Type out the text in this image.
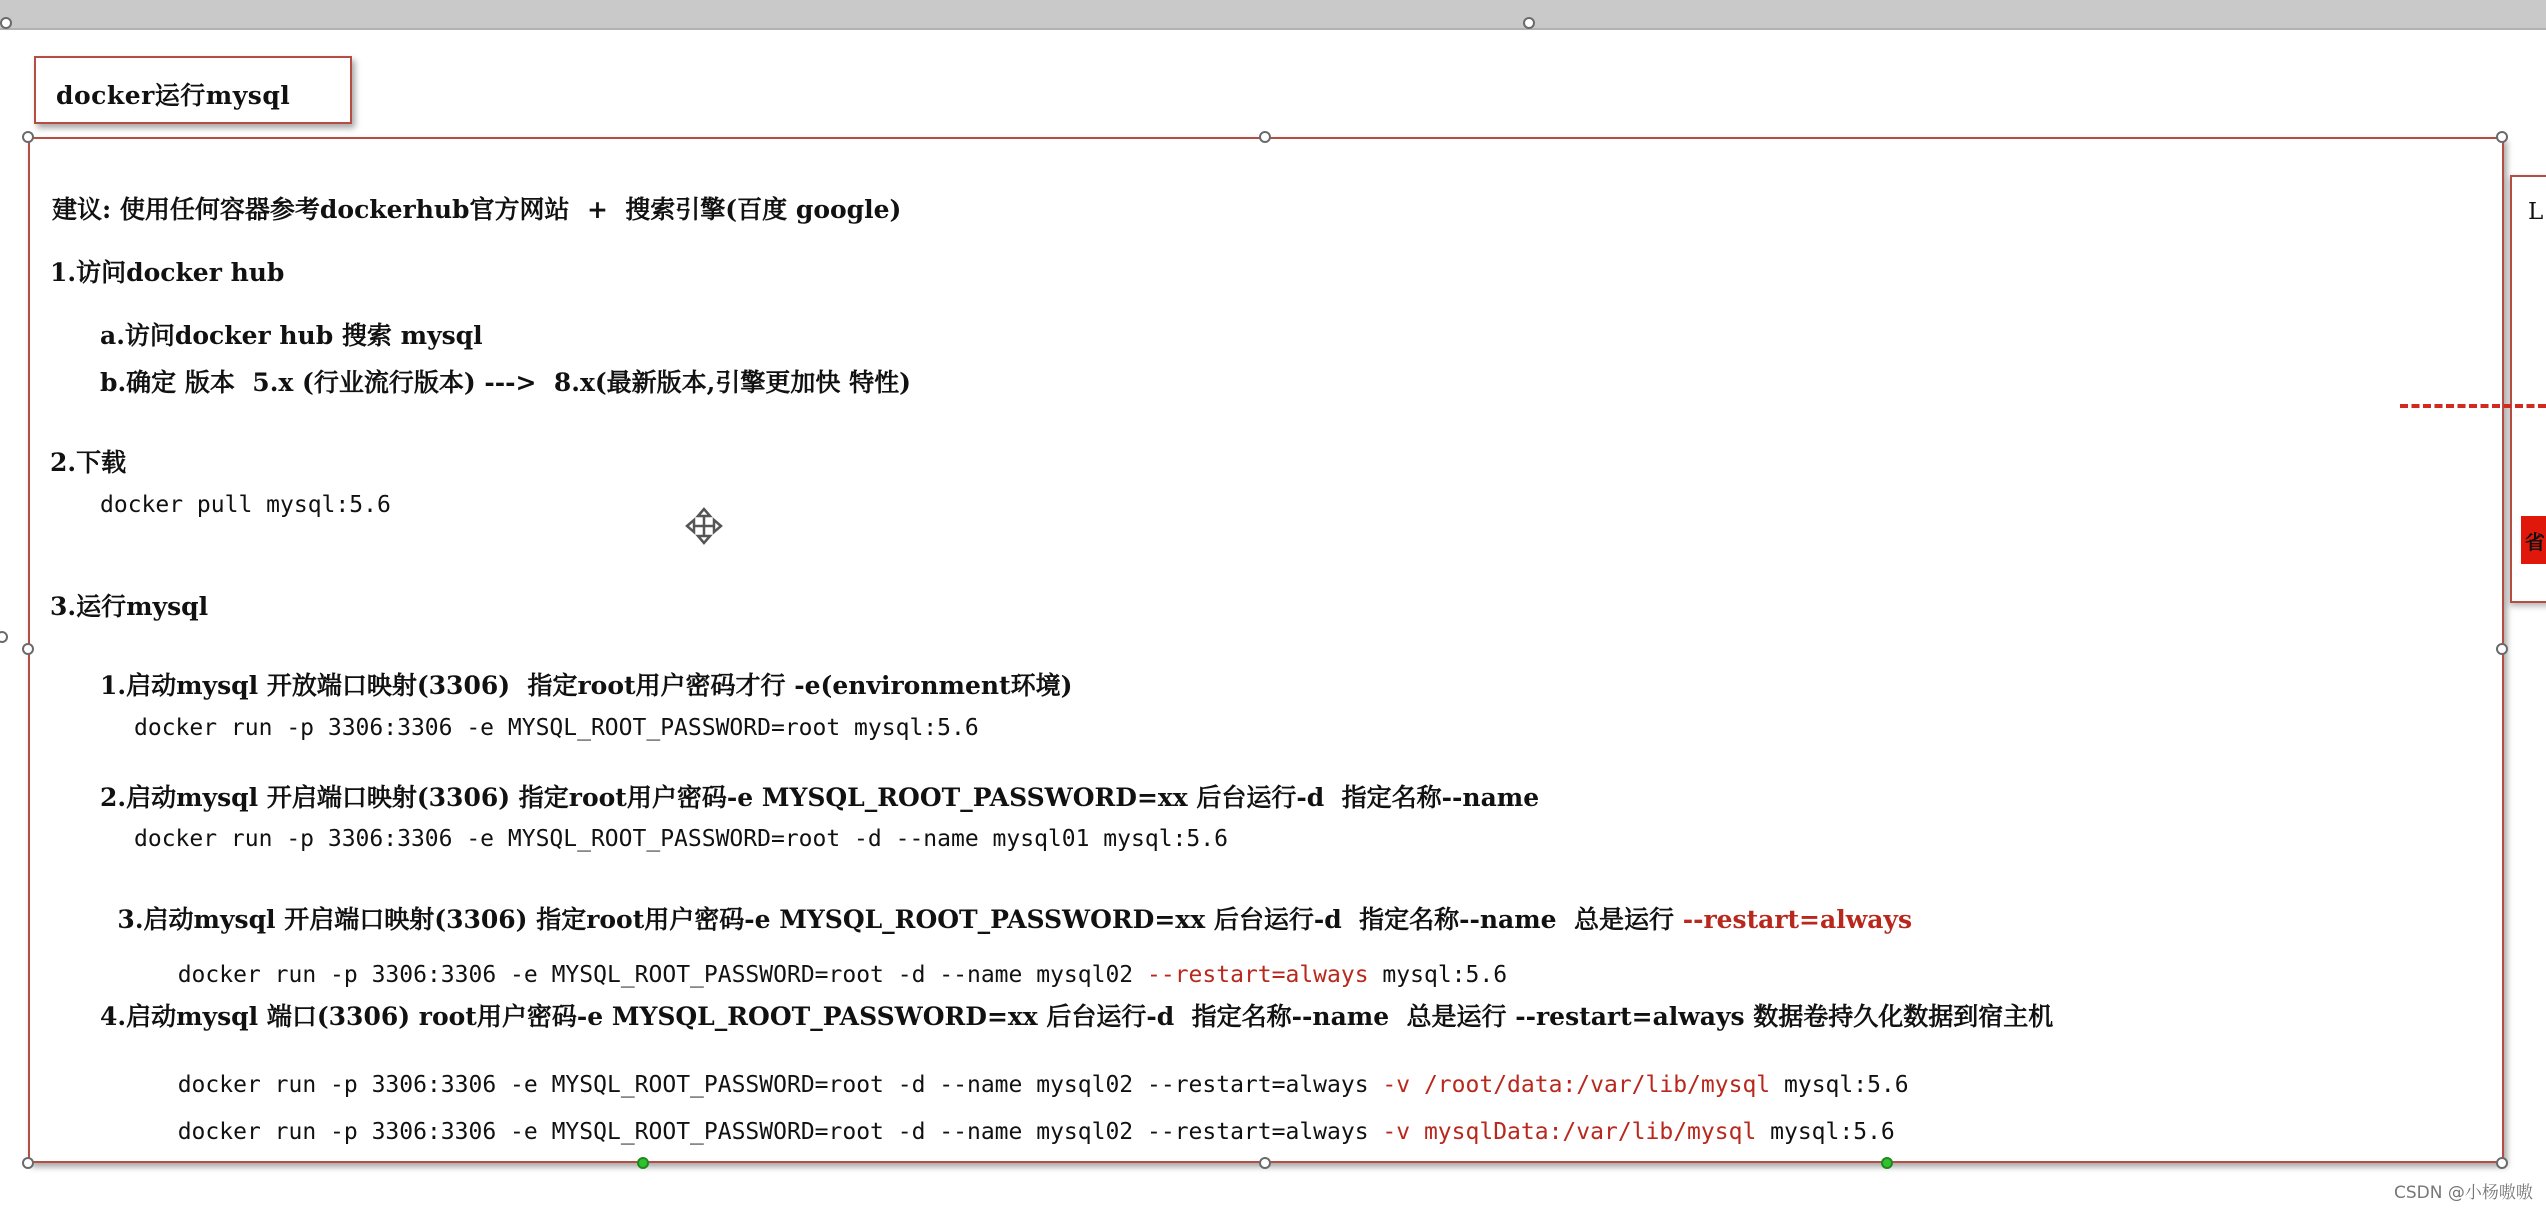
docker运行mysql
建议: 使用任何容器参考dockerhub官方网站  +  搜索引擎(百度 google)
1.访问docker hub
a.访问docker hub 搜索 mysql
b.确定 版本  5.x (行业流行版本) --->  8.x(最新版本,引擎更加快 特性)
2.下载
docker pull mysql:5.6
3.运行mysql
1.启动mysql 开放端口映射(3306)  指定root用户密码才行 -e(environment环境)
docker run -p 3306:3306 -e MYSQL_ROOT_PASSWORD=root mysql:5.6
2.启动mysql 开启端口映射(3306) 指定root用户密码-e MYSQL_ROOT_PASSWORD=xx 后台运行-d  指定名称--name
docker run -p 3306:3306 -e MYSQL_ROOT_PASSWORD=root -d --name mysql01 mysql:5.6

3.启动mysql 开启端口映射(3306) 指定root用户密码-e MYSQL_ROOT_PASSWORD=xx 后台运行-d  指定名称--name  总是运行 --restart=always

docker run -p 3306:3306 -e MYSQL_ROOT_PASSWORD=root -d --name mysql02 --restart=always mysql:5.6

4.启动mysql 端口(3306) root用户密码-e MYSQL_ROOT_PASSWORD=xx 后台运行-d  指定名称--name  总是运行 --restart=always 数据卷持久化数据到宿主机

docker run -p 3306:3306 -e MYSQL_ROOT_PASSWORD=root -d --name mysql02 --restart=always -v /root/data:/var/lib/mysql mysql:5.6

docker run -p 3306:3306 -e MYSQL_ROOT_PASSWORD=root -d --name mysql02 --restart=always -v mysqlData:/var/lib/mysql mysql:5.6

L
省
CSDN @小杨嗷嗷
